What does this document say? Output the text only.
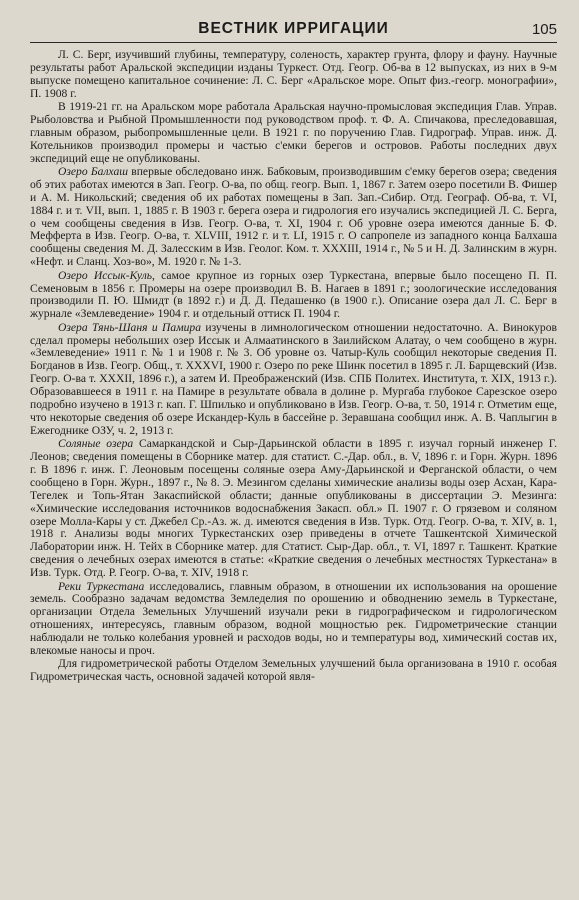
ВЕСТНИК ИРРИГАЦИИ	105

Л. С. Берг, изучивший глубины, температуру, соленость, характер грунта, флору и фауну. Научные результаты работ Аральской экспедиции изданы Туркест. Отд. Геогр. Об-ва в 12 выпусках, из них в 9-м выпуске помещено капитальное сочинение: Л. С. Берг «Аральское море. Опыт физ.-геогр. монографии», П. 1908 г.

В 1919-21 гг. на Аральском море работала Аральская научно-промысловая экспедиция Глав. Управ. Рыболовства и Рыбной Промышленности под руководством проф. т. Ф. А. Спичакова, преследовавшая, главным образом, рыбопромышленные цели. В 1921 г. по поручению Глав. Гидрограф. Управ. инж. Д. Котельников производил промеры и частью с'емки берегов и островов. Работы последних двух экспедиций еще не опубликованы.

Озеро Балхаш впервые обследовано инж. Бабковым, производившим с'емку берегов озера; сведения об этих работах имеются в Зап. Геогр. О-ва, по общ. геогр. Вып. 1, 1867 г. Затем озеро посетили В. Фишер и А. М. Никольский; сведения об их работах помещены в Зап. Зап.-Сибир. Отд. Географ. Об-ва, т. VI, 1884 г. и т. VII, вып. 1, 1885 г. В 1903 г. берега озера и гидрология его изучались экспедицией Л. С. Берга, о чем сообщены сведения в Изв. Геогр. О-ва, т. XI, 1904 г. Об уровне озера имеются данные Б. Ф. Мефферта в Изв. Геогр. О-ва, т. XLVIII, 1912 г. и т. LI, 1915 г. О сапропеле из западного конца Балхаша сообщены сведения М. Д. Залесским в Изв. Геолог. Ком. т. XXXIII, 1914 г., № 5 и Н. Д. Залинским в журн. «Нефт. и Сланц. Хоз-во», М. 1920 г. № 1-3.

Озеро Иссык-Куль, самое крупное из горных озер Туркестана, впервые было посещено П. П. Семеновым в 1856 г. Промеры на озере производил В. В. Нагаев в 1891 г.; зоологические исследования производили П. Ю. Шмидт (в 1892 г.) и Д. Д. Педашенко (в 1900 г.). Описание озера дал Л. С. Берг в журнале «Землеведение» 1904 г. и отдельный оттиск П. 1904 г.

Озера Тянь-Шаня и Памира изучены в лимнологическом отношении недостаточно. А. Винокуров сделал промеры небольших озер Иссык и Алмаатинского в Заилийском Алатау, о чем сообщено в журн. «Землеведение» 1911 г. № 1 и 1908 г. № 3. Об уровне оз. Чатыр-Куль сообщил некоторые сведения П. Богданов в Изв. Геогр. Общ., т. XXXVI, 1900 г. Озеро по реке Шинк посетил в 1895 г. Л. Барщевский (Изв. Геогр. О-ва т. XXXII, 1896 г.), а затем И. Преображенский (Изв. СПБ Политех. Института, т. XIX, 1913 г.). Образовавшееся в 1911 г. на Памире в результате обвала в долине р. Мургаба глубокое Сарезское озеро подробно изучено в 1913 г. кап. Г. Шпилько и опубликовано в Изв. Геогр. О-ва, т. 50, 1914 г. Отметим еще, что некоторые сведения об озере Искандер-Куль в бассейне р. Зеравшана сообщил инж. А. В. Чаплыгин в Ежегоднике ОЗУ, ч. 2, 1913 г.

Соляные озера Самаркандской и Сыр-Дарьинской области в 1895 г. изучал горный инженер Г. Леонов; сведения помещены в Сборнике матер. для статист. С.-Дар. обл., в. V, 1896 г. и Горн. Журн. 1896 г. В 1896 г. инж. Г. Леоновым посещены соляные озера Аму-Дарьинской и Ферганской области, о чем сообщено в Горн. Журн., 1897 г., № 8. Э. Мезингом сделаны химические анализы воды озер Асхан, Кара-Тегелек и Топь-Ятан Закаспийской области; данные опубликованы в диссертации Э. Мезинга: «Химические исследования источников водоснабжения Закасп. обл.» П. 1907 г. О грязевом и соляном озере Молла-Кары у ст. Джебел Ср.-Аз. ж. д. имеются сведения в Изв. Турк. Отд. Геогр. О-ва, т. XIV, в. 1, 1918 г. Анализы воды многих Туркестанских озер приведены в отчете Ташкентской Химической Лаборатории инж. Н. Тейх в Сборнике матер. для Статист. Сыр-Дар. обл., т. VI, 1897 г. Ташкент. Краткие сведения о лечебных озерах имеются в статье: «Краткие сведения о лечебных местностях Туркестана» в Изв. Турк. Отд. Р. Геогр. О-ва, т. XIV, 1918 г.

Реки Туркестана исследовались, главным образом, в отношении их использования на орошение земель. Сообразно задачам ведомства Земледелия по орошению и обводнению земель в Туркестане, организации Отдела Земельных Улучшений изучали реки в гидрографическом и гидрологическом отношениях, интересуясь, главным образом, водной мощностью рек. Гидрометрические станции наблюдали не только колебания уровней и расходов воды, но и температуры вод, химический состав их, влекомые наносы и проч.

Для гидрометрической работы Отделом Земельных улучшений была организована в 1910 г. особая Гидрометрическая часть, основной задачей которой явля-
